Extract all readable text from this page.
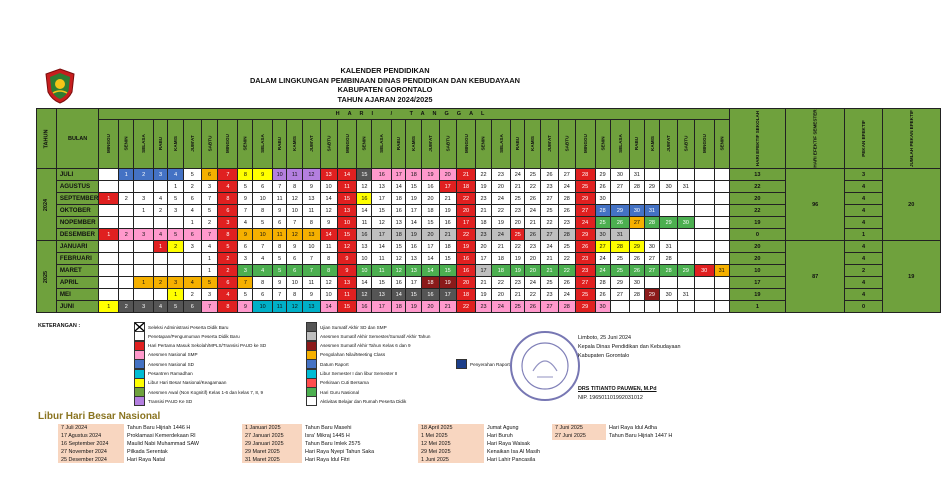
KALENDER PENDIDIKAN
DALAM LINGKUNGAN PEMBINAAN DINAS PENDIDIKAN DAN KEBUDAYAAN
KABUPATEN GORONTALO
TAHUN AJARAN 2024/2025
TAHUN	BULAN	HARI / TANGGAL																																					HARI EFEKTIF SEKOLAH	HARI EFEKTIF SEMESTER	PEKAN EFEKTIF	JUMLAH PEKAN EFEKTIF
		MINGGU	SENIN	SELASA	RABU	KAMIS	JUM'AT	SABTU	MINGGU	SENIN	SELASA	RABU	KAMIS	JUM'AT	SABTU	MINGGU	SENIN	SELASA	RABU	KAMIS	JUM'AT	SABTU	MINGGU	SENIN	SELASA	RABU	KAMIS	JUM'AT	SABTU	MINGGU	SENIN	SELASA	RABU	KAMIS	JUM'AT	SABTU	MINGGU	SENIN				
2024	JULI		1	2	3	4	5	6	7	8	9	10	11	12	13	14	15	16	17	18	19	20	21	22	23	24	25	26	27	28	29	30	31						13	96	3	20
	AGUSTUS					1	2	3	4	5	6	7	8	9	10	11	12	13	14	15	16	17	18	19	20	21	22	23	24	25	26	27	28	29	30	31			22		4	
	SEPTEMBER	1	2	3	4	5	6	7	8	9	10	11	12	13	14	15	16	17	18	19	20	21	22	23	24	25	26	27	28	29	30								20		4	
	OKTOBER			1	2	3	4	5	6	7	8	9	10	11	12	13	14	15	16	17	18	19	20	21	22	23	24	25	26	27	28	29	30	31					22		4	
	NOPEMBER						1	2	3	4	5	6	7	8	9	10	11	12	13	14	15	16	17	18	19	20	21	22	23	24	25	26	27	28	29	30			19		4	
	DESEMBER	1	2	3	4	5	6	7	8	9	10	11	12	13	14	15	16	17	18	19	20	21	22	23	24	25	26	27	28	29	30	31							0		1	
2025	JANUARI				1	2	3	4	5	6	7	8	9	10	11	12	13	14	15	16	17	18	19	20	21	22	23	24	25	26	27	28	29	30	31				20	87	4	19
	FEBRUARI							1	2	3	4	5	6	7	8	9	10	11	12	13	14	15	16	17	18	19	20	21	22	23	24	25	26	27	28				20		4	
	MARET							1	2	3	4	5	6	7	8	9	10	11	12	13	14	15	16	17	18	19	20	21	22	23	24	25	26	27	28	29	30	31	10		2	
	APRIL			1	2	3	4	5	6	7	8	9	10	11	12	13	14	15	16	17	18	19	20	21	22	23	24	25	26	27	28	29	30						17		4	
	MEI					1	2	3	4	5	6	7	8	9	10	11	12	13	14	15	16	17	18	19	20	21	22	23	24	25	26	27	28	29	30	31			19		4	
	JUNI	1	2	3	4	5	6	7	8	9	10	11	12	13	14	15	16	17	18	19	20	21	22	23	24	25	26	27	28	29	30								1		0	
KETERANGAN :	Seleksi Administrasi Peserta Didik Baru
Penetapan/Pengumuman Peserta Didik Baru
Hari Pertama Masuk Sekolah/MPLS/Transisi PAUD ke SD
Asesmen Nasional SMP
Asesmen Nasional SD
Pesantren Ramadhan
Libur Hari Besar Nasional/Keagamaan
Asesmen Awal (Non Kognitif) Kelas 1-6 dan kelas 7, 8, 9
Transisi PAUD Ke SD
Ujian Sumatif Akhir SD dan SMP
Asesmen Sumatif Akhir Semester/Sumatif Akhir Tahun
Asesmen Sumatif Akhir Tahun Kelas 6 dan 9
Pengolahan Nilai/Meeting Class
Datum Raport
Libur Semester I dan libur Semester II
Perkiraan Cuti Bersama
Hari Guru Nasional
Aktivitas Belajar dan Rumah Peserta Didik
Penyerahan Raport
Limboto, 25 Juni 2024
Kepala Dinas Pendidikan dan Kebudayaan
Kabupaten Gorontalo
DRS TITIANTO PAUWEN, M.Pd
NIP. 196501101992031012
Libur Hari Besar Nasional
7 Juli 2024	Tahun Baru Hijriah 1446 H	1 Januari 2025	Tahun Baru Masehi	18 April 2025	Jumat Agung	7 Juni 2025	Hari Raya Idul Adha
17 Agustus 2024	Proklamasi Kemerdekaan RI	27 Januari 2025	Isra' Mikraj 1445 H	1 Mei 2025	Hari Buruh	27 Juni 2025	Tahun Baru Hijriah 1447 H
16 September 2024	Maulid Nabi Muhammad SAW	29 Januari 2025	Tahun Baru Imlek 2575	12 Mei 2025	Hari Raya Waisak		
27 November 2024	Pilkada Serentak	29 Maret 2025	Hari Raya Nyepi Tahun Saka	29 Mei 2025	Kenaikan Isa Al Masih		
25 Desember 2024	Hari Raya Natal	31 Maret 2025	Hari Raya Idul Fitri	1 Juni 2025	Hari Lahir Pancasila		
